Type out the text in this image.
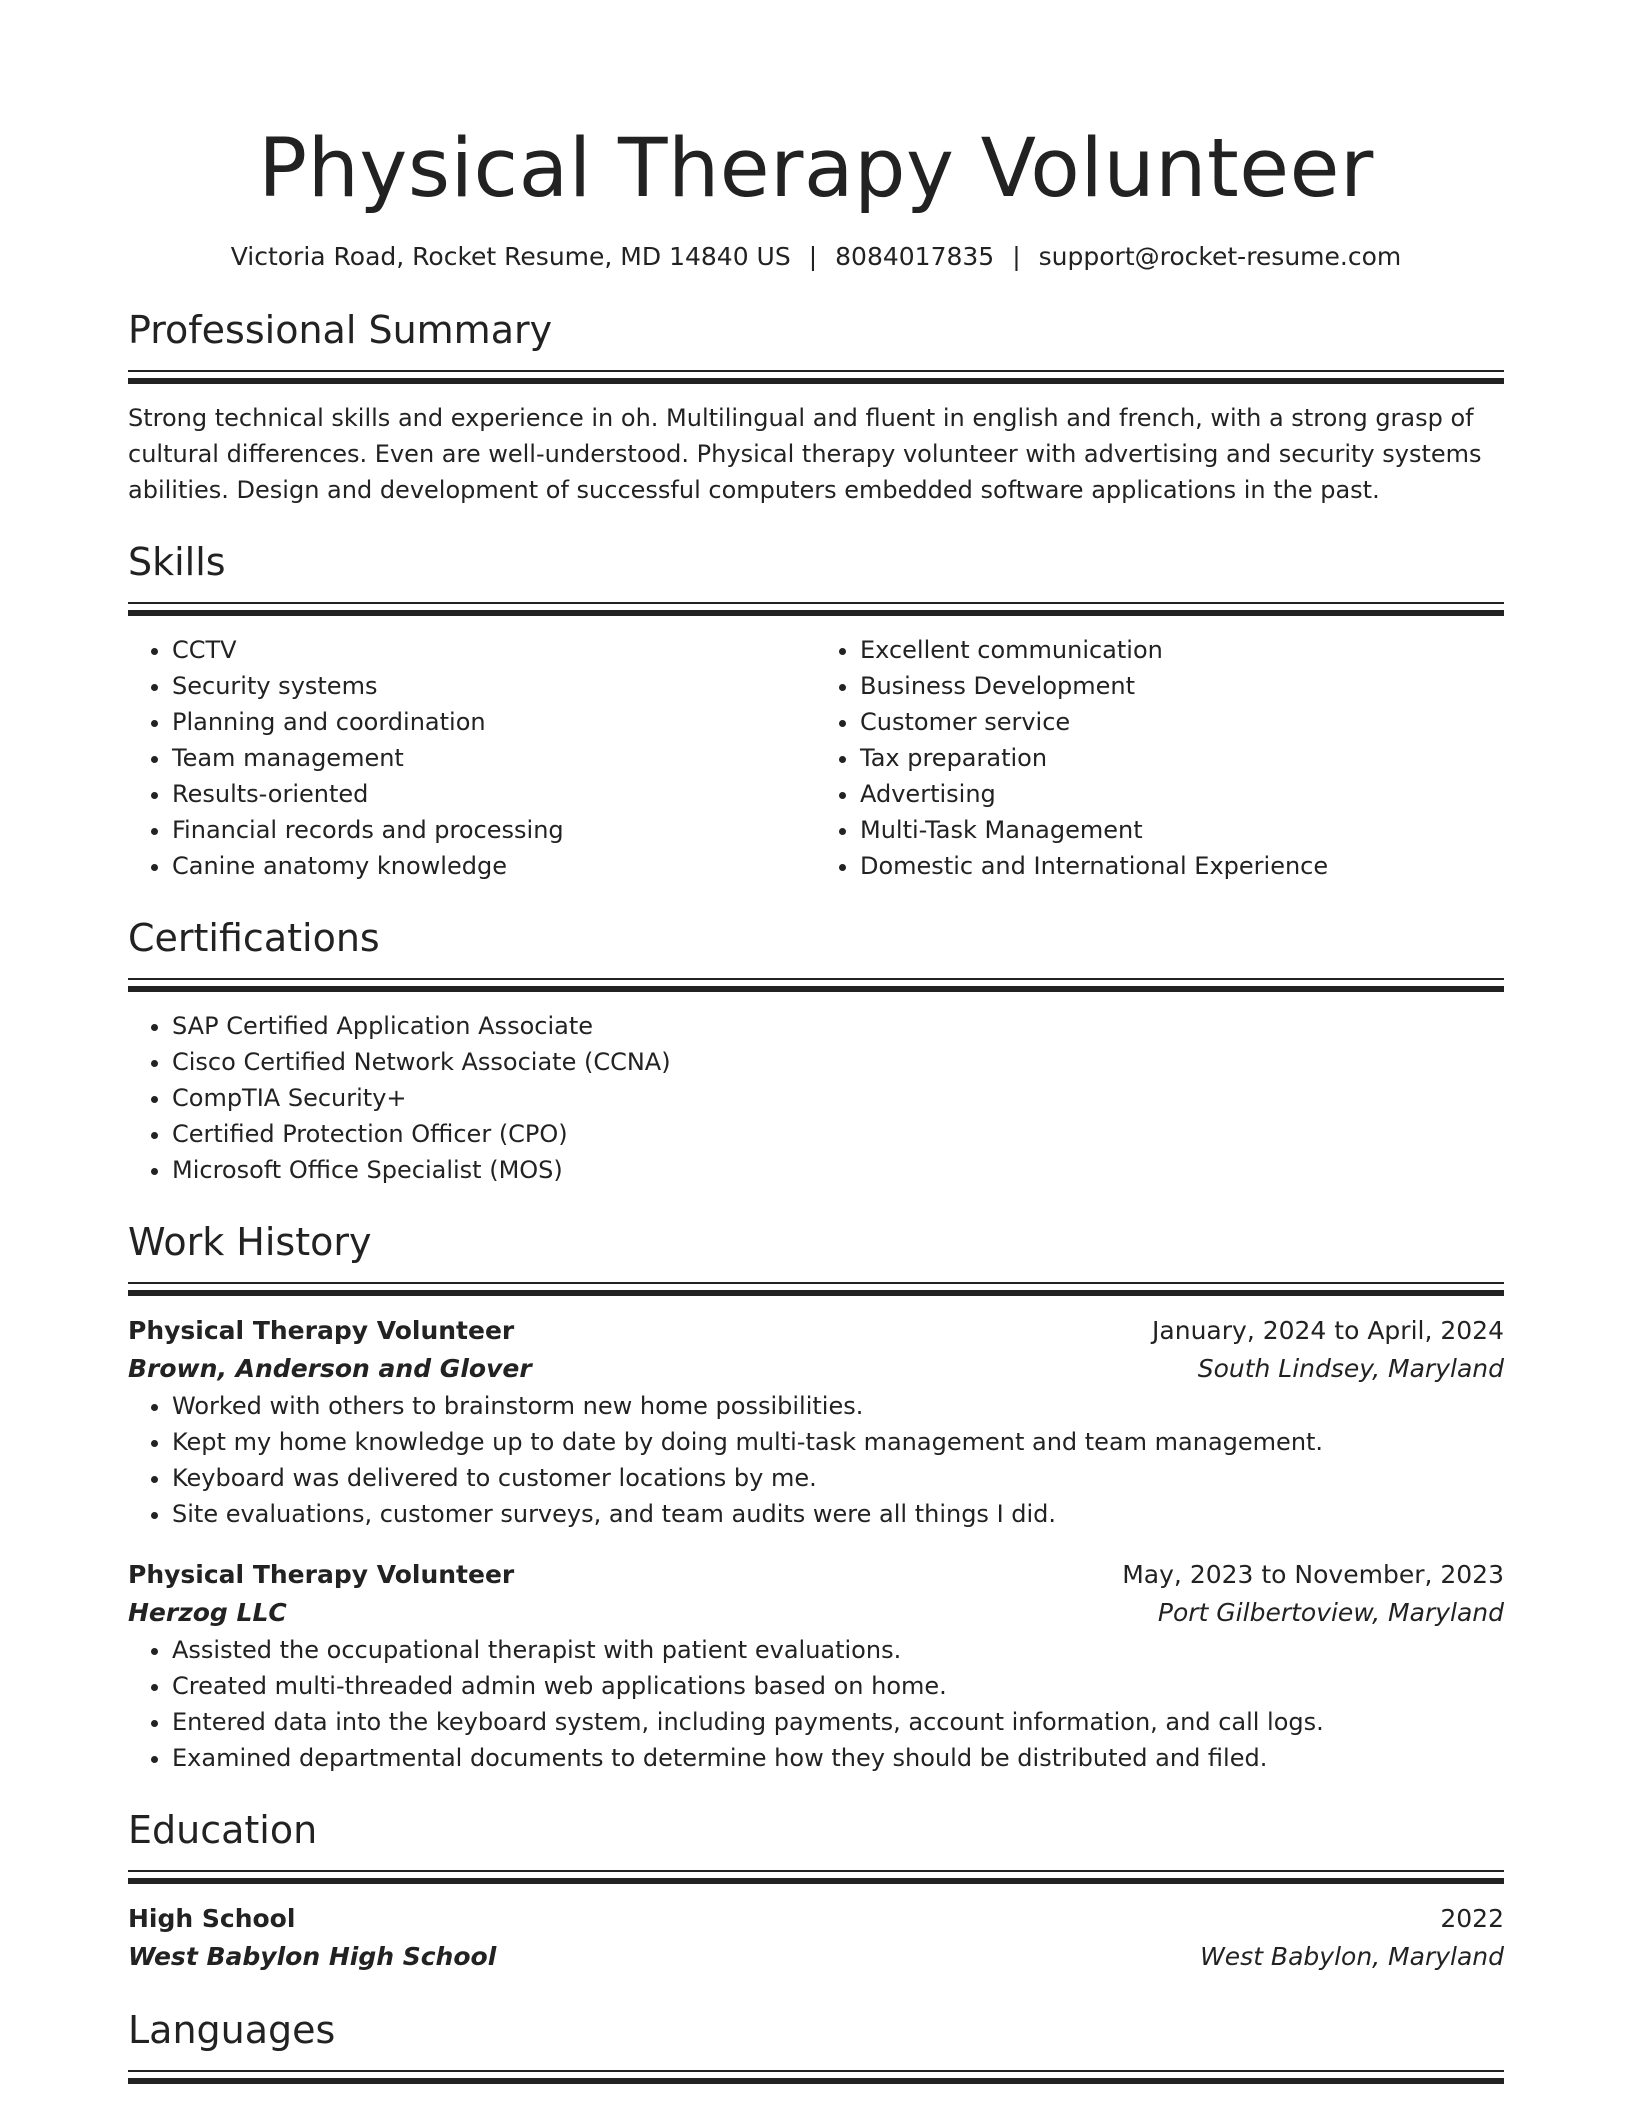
Physical Therapy Volunteer
Victoria Road, Rocket Resume, MD 14840 US | 8084017835 | support@rocket-resume.com
Professional Summary

Strong technical skills and experience in oh. Multilingual and fluent in english and french, with a strong grasp of cultural differences. Even are well-understood. Physical therapy volunteer with advertising and security systems abilities. Design and development of successful computers embedded software applications in the past.

Skills
• CCTV
• Security systems
• Planning and coordination
• Team management
• Results-oriented
• Financial records and processing
• Canine anatomy knowledge
• Excellent communication
• Business Development
• Customer service
• Tax preparation
• Advertising
• Multi-Task Management
• Domestic and International Experience
Certifications
• SAP Certified Application Associate
• Cisco Certified Network Associate (CCNA)
• CompTIA Security+
• Certified Protection Officer (CPO)
• Microsoft Office Specialist (MOS)
Work History
Physical Therapy Volunteer	January, 2024 to April, 2024
Brown, Anderson and Glover	South Lindsey, Maryland
• Worked with others to brainstorm new home possibilities.
• Kept my home knowledge up to date by doing multi-task management and team management.
• Keyboard was delivered to customer locations by me.
• Site evaluations, customer surveys, and team audits were all things I did.
Physical Therapy Volunteer	May, 2023 to November, 2023
Herzog LLC	Port Gilbertoview, Maryland
• Assisted the occupational therapist with patient evaluations.
• Created multi-threaded admin web applications based on home.
• Entered data into the keyboard system, including payments, account information, and call logs.
• Examined departmental documents to determine how they should be distributed and filed.
Education
High School	2022
West Babylon High School	West Babylon, Maryland
Languages
